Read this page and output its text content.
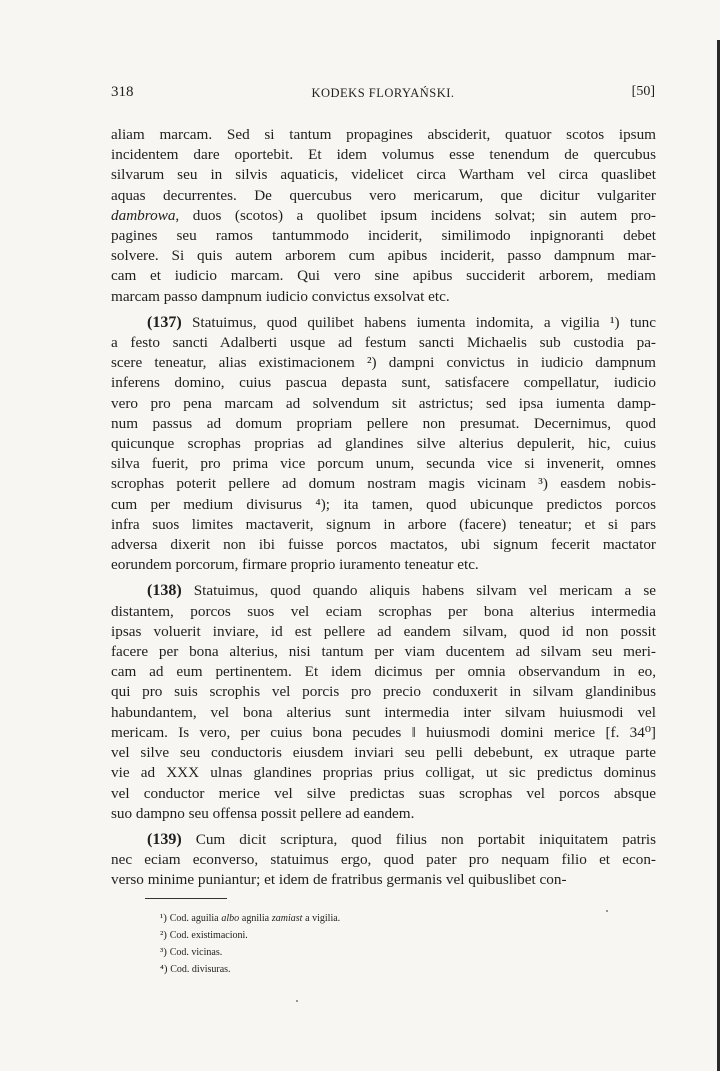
318	KODEKS FLORYAŃSKI.	[50]
aliam marcam. Sed si tantum propagines absciderit, quatuor scotos ipsum
incidentem dare oportebit. Et idem volumus esse tenendum de quercubus
silvarum seu in silvis aquaticis, videlicet circa Wartham vel circa quaslibet
aquas decurrentes. De quercubus vero mericarum, que dicitur vulgariter
dambrowa, duos (scotos) a quolibet ipsum incidens solvat; sin autem pro-
pagines seu ramos tantummodo inciderit, similimodo inpignoranti debet
solvere. Si quis autem arborem cum apibus inciderit, passo dampnum mar-
cam et iudicio marcam. Qui vero sine apibus succiderit arborem, mediam
marcam passo dampnum iudicio convictus exsolvat etc.
(137) Statuimus, quod quilibet habens iumenta indomita, a vigilia ¹) tunc
a festo sancti Adalberti usque ad festum sancti Michaelis sub custodia pa-
scere teneatur, alias existimacionem ²) dampni convictus in iudicio dampnum
inferens domino, cuius pascua depasta sunt, satisfacere compellatur, iudicio
vero pro pena marcam ad solvendum sit astrictus; sed ipsa iumenta damp-
num passus ad domum propriam pellere non presumat. Decernimus, quod
quicunque scrophas proprias ad glandines silve alterius depulerit, hic, cuius
silva fuerit, pro prima vice porcum unum, secunda vice si invenerit, omnes
scrophas poterit pellere ad domum nostram magis vicinam ³) easdem nobis-
cum per medium divisurus ⁴); ita tamen, quod ubicunque predictos porcos
infra suos limites mactaverit, signum in arbore (facere) teneatur; et si pars
adversa dixerit non ibi fuisse porcos mactatos, ubi signum fecerit mactator
eorundem porcorum, firmare proprio iuramento teneatur etc.
(138) Statuimus, quod quando aliquis habens silvam vel mericam a se
distantem, porcos suos vel eciam scrophas per bona alterius intermedia
ipsas voluerit inviare, id est pellere ad eandem silvam, quod id non possit
facere per bona alterius, nisi tantum per viam ducentem ad silvam seu meri-
cam ad eum pertinentem. Et idem dicimus per omnia observandum in eo,
qui pro suis scrophis vel porcis pro precio conduxerit in silvam glandinibus
habundantem, vel bona alterius sunt intermedia inter silvam huiusmodi vel
mericam. Is vero, per cuius bona pecudes ‖ huiusmodi domini merice [f. 34⁰]
vel silve seu conductoris eiusdem inviari seu pelli debebunt, ex utraque parte
vie ad XXX ulnas glandines proprias prius colligat, ut sic predictus dominus
vel conductor merice vel silve predictas suas scrophas vel porcos absque
suo dampno seu offensa possit pellere ad eandem.
(139) Cum dicit scriptura, quod filius non portabit iniquitatem patris
nec eciam econverso, statuimus ergo, quod pater pro nequam filio et econ-
verso minime puniantur; et idem de fratribus germanis vel quibuslibet con-
¹) Cod. aguilia albo agnilia zamiast a vigilia.
²) Cod. existimacioni.
³) Cod. vicinas.
⁴) Cod. divisuras.
